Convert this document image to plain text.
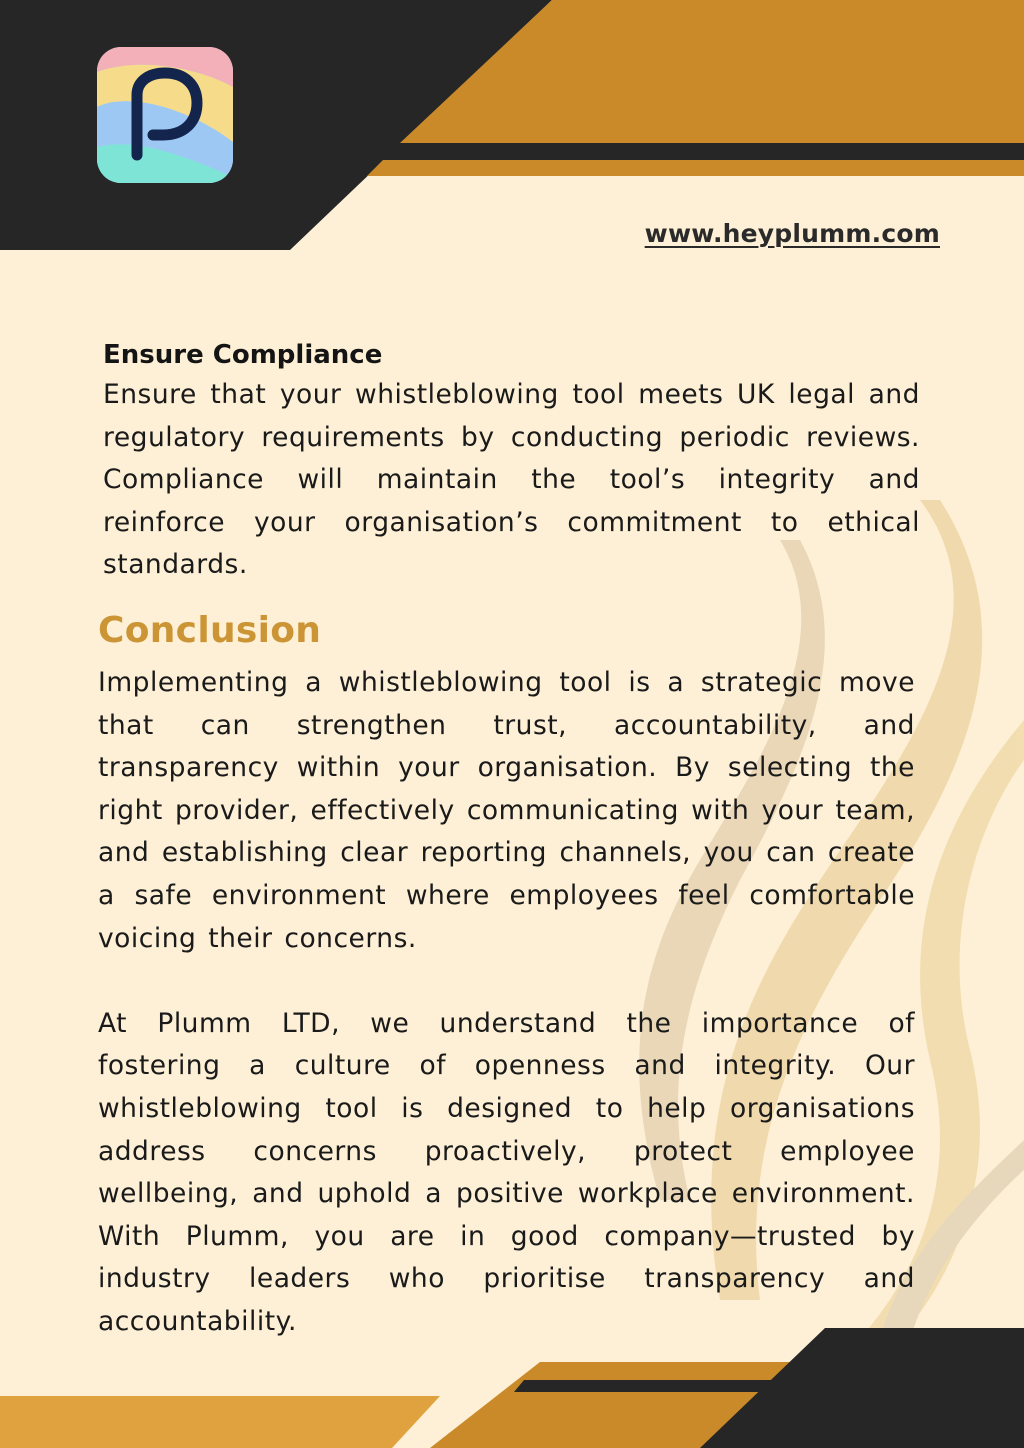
www.heyplumm.com

Ensure Compliance

Ensure that your whistleblowing tool meets UK legal and regulatory requirements by conducting periodic reviews. Compliance will maintain the tool’s integrity and reinforce your organisation’s commitment to ethical standards.

Conclusion

Implementing a whistleblowing tool is a strategic move that can strengthen trust, accountability, and transparency within your organisation. By selecting the right provider, effectively communicating with your team, and establishing clear reporting channels, you can create a safe environment where employees feel comfortable voicing their concerns.

At Plumm LTD, we understand the importance of fostering a culture of openness and integrity. Our whistleblowing tool is designed to help organisations address concerns proactively, protect employee wellbeing, and uphold a positive workplace environment. With Plumm, you are in good company—trusted by industry leaders who prioritise transparency and accountability.
